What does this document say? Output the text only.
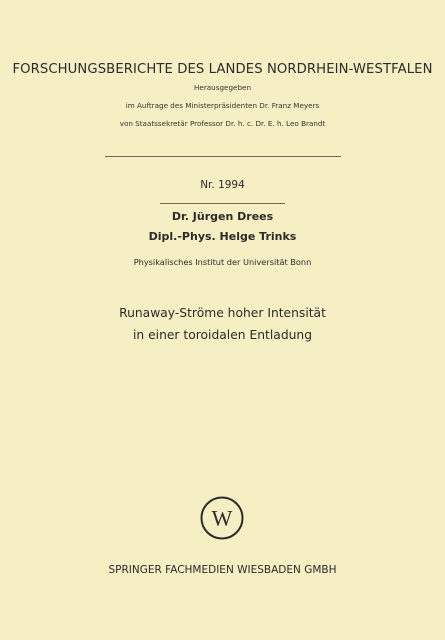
FORSCHUNGSBERICHTE DES LANDES NORDRHEIN-WESTFALEN
Herausgegeben
im Auftrage des Ministerpräsidenten Dr. Franz Meyers
von Staatssekretär Professor Dr. h. c. Dr. E. h. Leo Brandt
Nr. 1994
Dr. Jürgen Drees
Dipl.-Phys. Helge Trinks
Physikalisches Institut der Universität Bonn
Runaway-Ströme hoher Intensität
in einer toroidalen Entladung
W
SPRINGER FACHMEDIEN WIESBADEN GMBH
